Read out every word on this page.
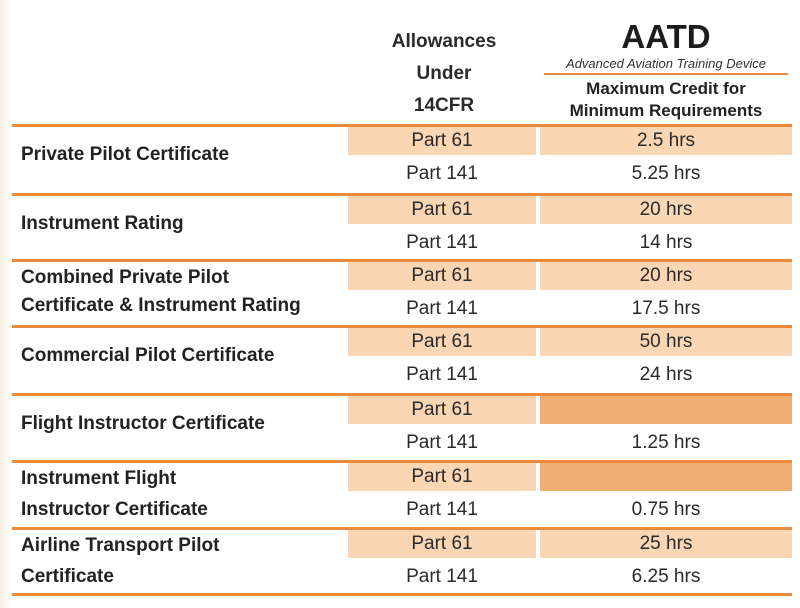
Allowances
Under
14CFR
AATD
Advanced Aviation Training Device
Maximum Credit for
Minimum Requirements
Private Pilot Certificate
Part 61	2.5 hrs
Part 141	5.25 hrs
Instrument Rating
Part 61	20 hrs
Part 141	14 hrs
Combined Private Pilot
Certificate & Instrument Rating
Part 61	20 hrs
Part 141	17.5 hrs
Commercial Pilot Certificate
Part 61	50 hrs
Part 141	24 hrs
Flight Instructor Certificate
Part 61
Part 141	1.25 hrs
Instrument Flight
Instructor Certificate
Part 61
Part 141	0.75 hrs
Airline Transport Pilot
Certificate
Part 61	25 hrs
Part 141	6.25 hrs
